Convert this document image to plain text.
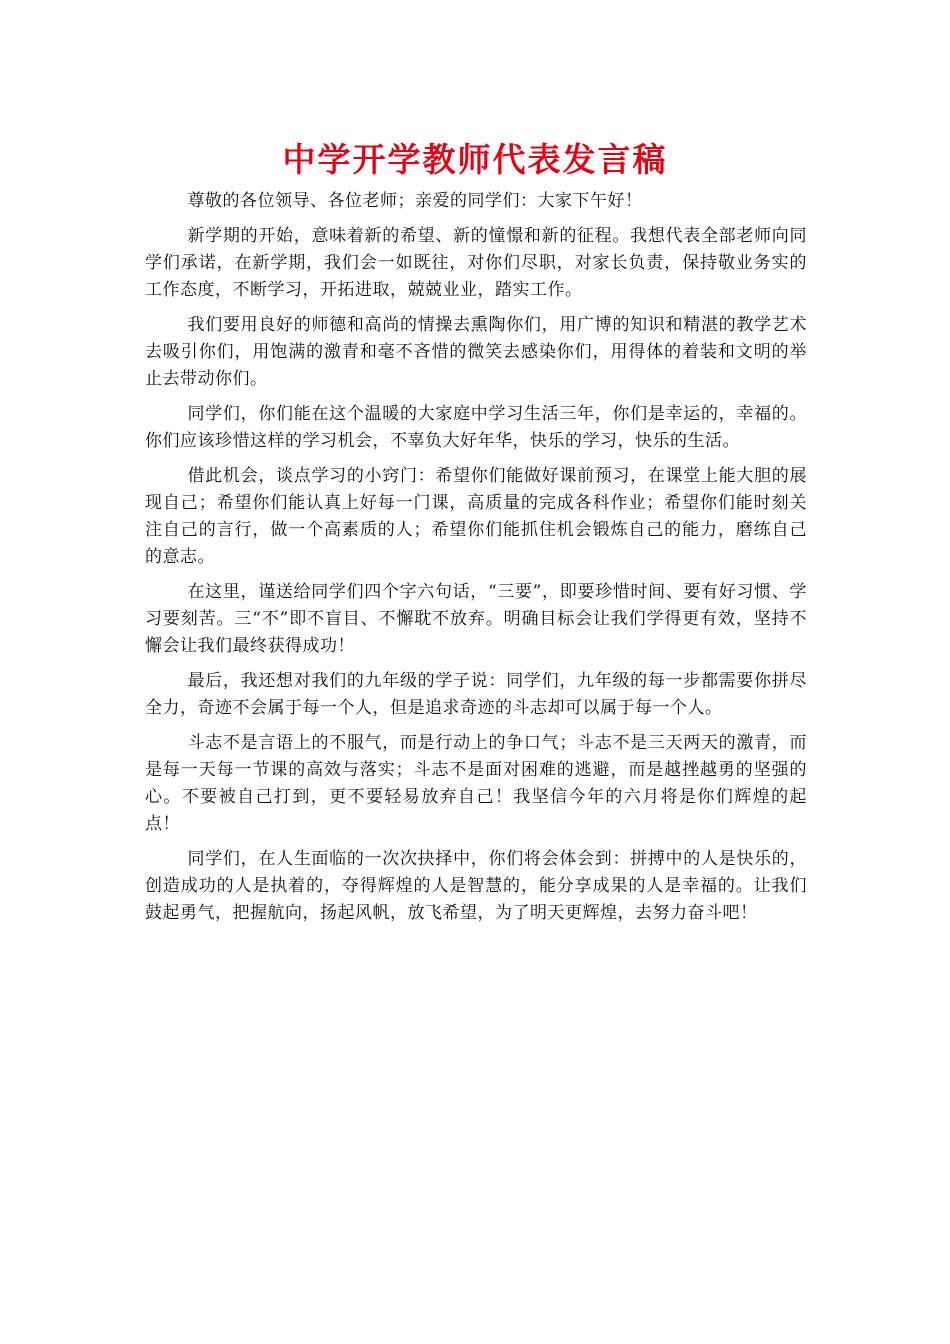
中学开学教师代表发言稿

尊敬的各位领导、各位老师；亲爱的同学们：大家下午好！

新学期的开始，意味着新的希望、新的憧憬和新的征程。我想代表全部老师向同学们承诺，在新学期，我们会一如既往，对你们尽职，对家长负责，保持敬业务实的工作态度，不断学习，开拓进取，兢兢业业，踏实工作。

我们要用良好的师德和高尚的情操去熏陶你们，用广博的知识和精湛的教学艺术去吸引你们，用饱满的激青和毫不吝惜的微笑去感染你们，用得体的着装和文明的举止去带动你们。

同学们，你们能在这个温暖的大家庭中学习生活三年，你们是幸运的，幸福的。你们应该珍惜这样的学习机会，不辜负大好年华，快乐的学习，快乐的生活。

借此机会，谈点学习的小窍门：希望你们能做好课前预习，在课堂上能大胆的展现自己；希望你们能认真上好每一门课，高质量的完成各科作业；希望你们能时刻关注自己的言行，做一个高素质的人；希望你们能抓住机会锻炼自己的能力，磨练自己的意志。

在这里，谨送给同学们四个字六句话，“三要”，即要珍惜时间、要有好习惯、学习要刻苦。三“不”即不盲目、不懈耽不放弃。明确目标会让我们学得更有效，坚持不懈会让我们最终获得成功！

最后，我还想对我们的九年级的学子说：同学们，九年级的每一步都需要你拼尽全力，奇迹不会属于每一个人，但是追求奇迹的斗志却可以属于每一个人。

斗志不是言语上的不服气，而是行动上的争口气；斗志不是三天两天的激青，而是每一天每一节课的高效与落实；斗志不是面对困难的逃避，而是越挫越勇的坚强的心。不要被自己打到，更不要轻易放弃自己！我坚信今年的六月将是你们辉煌的起点！

同学们，在人生面临的一次次抉择中，你们将会体会到：拼搏中的人是快乐的，创造成功的人是执着的，夺得辉煌的人是智慧的，能分享成果的人是幸福的。让我们鼓起勇气，把握航向，扬起风帆，放飞希望，为了明天更辉煌，去努力奋斗吧！
